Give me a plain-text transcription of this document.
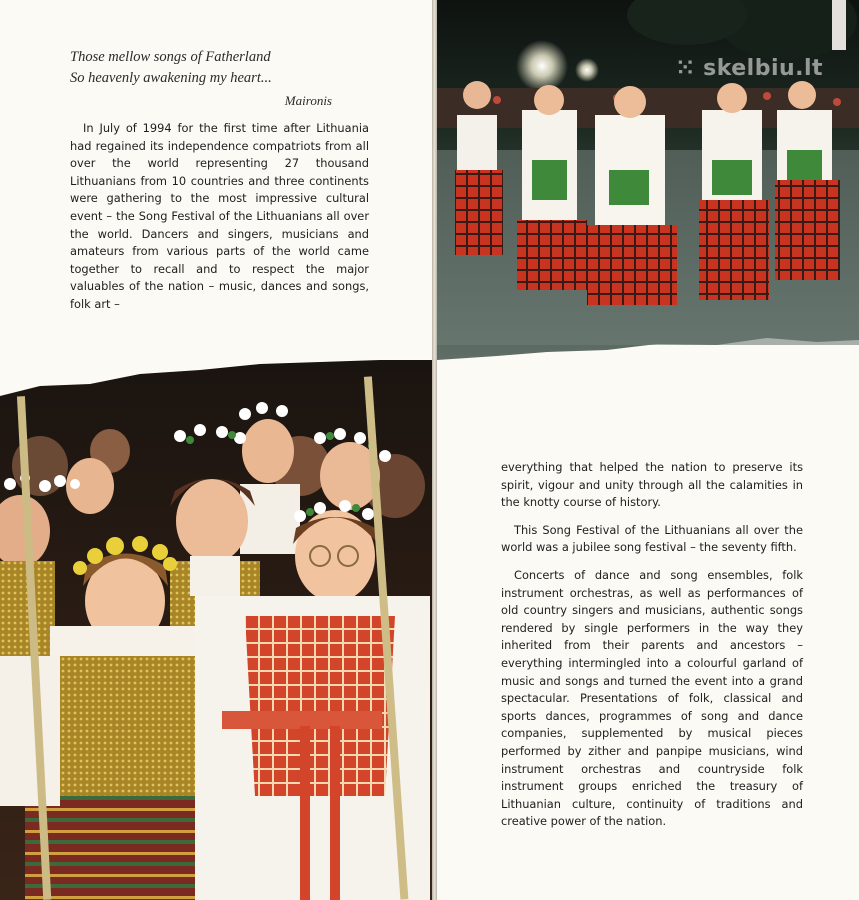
Those mellow songs of Fatherland
So heavenly awakening my heart...
Maironis

In July of 1994 for the first time after Lithuania had regained its independence compatriots from all over the world representing 27 thousand Lithuanians from 10 countries and three continents were gathering to the most impressive cultural event – the Song Festival of the Lithuanians all over the world. Dancers and singers, musicians and amateurs from various parts of the world came together to recall and to respect the major valuables of the nation – music, dances and songs, folk art –

everything that helped the nation to preserve its spirit, vigour and unity through all the calamities in the knotty course of history.

This Song Festival of the Lithuanians all over the world was a jubilee song festival – the seventy fifth.

Concerts of dance and song ensembles, folk instrument orchestras, as well as performances of old country singers and musicians, authentic songs rendered by single performers in the way they inherited from their parents and ancestors – everything intermingled into a colourful garland of music and songs and turned the event into a grand spectacular. Presentations of folk, classical and sports dances, programmes of song and dance companies, supplemented by musical pieces performed by zither and panpipe musicians, wind instrument orchestras and countryside folk instrument groups enriched the treasury of Lithuanian culture, continuity of traditions and creative power of the nation.

⁙ skelbiu.lt
